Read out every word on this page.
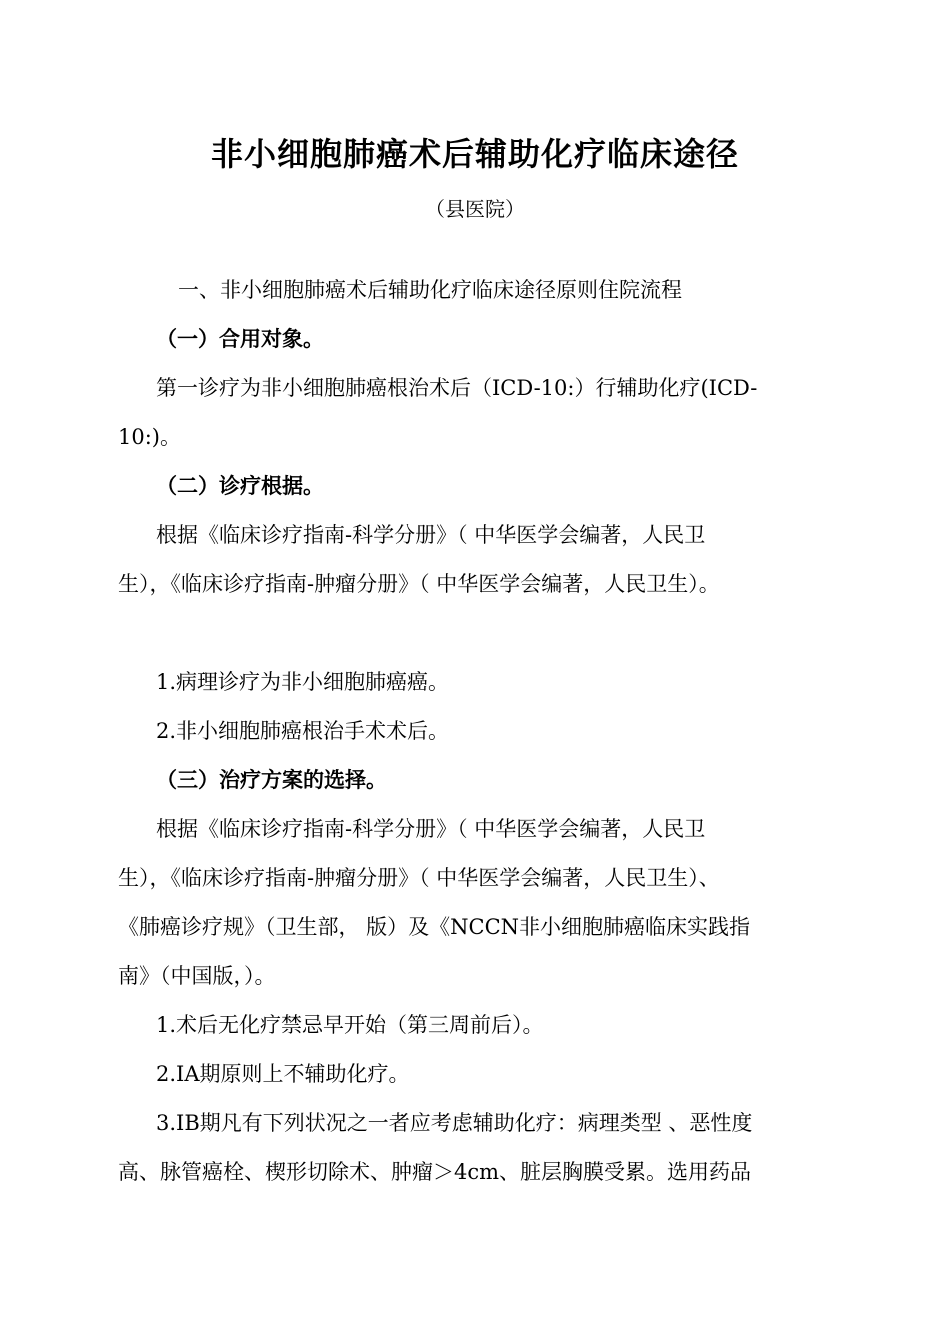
非小细胞肺癌术后辅助化疗临床途径
（县医院）
一、非小细胞肺癌术后辅助化疗临床途径原则住院流程
（一）合用对象。
第一诊疗为非小细胞肺癌根治术后（ICD-10:）行辅助化疗(ICD-
10:)。
（二）诊疗根据。
根据《临床诊疗指南-科学分册》（ 中华医学会编著，人民卫
生），《临床诊疗指南-肿瘤分册》（ 中华医学会编著，人民卫生）。
1.病理诊疗为非小细胞肺癌癌。
2.非小细胞肺癌根治手术术后。
（三）治疗方案的选择。
根据《临床诊疗指南-科学分册》（ 中华医学会编著，人民卫
生），《临床诊疗指南-肿瘤分册》（ 中华医学会编著，人民卫生）、
《肺癌诊疗规》（卫生部， 版）及《NCCN非小细胞肺癌临床实践指
南》（中国版，）。
1.术后无化疗禁忌早开始（第三周前后）。
2.IA期原则上不辅助化疗。
3.IB期凡有下列状况之一者应考虑辅助化疗：病理类型 、恶性度
高、脉管癌栓、楔形切除术、肿瘤＞4cm、脏层胸膜受累。选用药品
